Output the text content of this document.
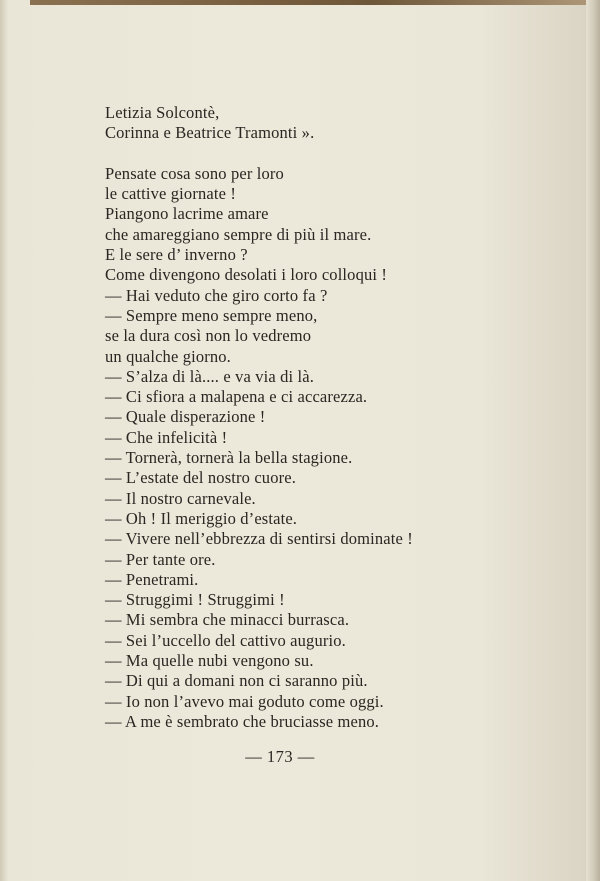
Letizia Solcontè,
Corinna e Beatrice Tramonti ».
Pensate cosa sono per loro
le cattive giornate !
Piangono lacrime amare
che amareggiano sempre di più il mare.
E le sere d’ inverno ?
Come divengono desolati i loro colloqui !
— Hai veduto che giro corto fa ?
— Sempre meno sempre meno,
se la dura così non lo vedremo
un qualche giorno.
— S’alza di là.... e va via di là.
— Ci sfiora a malapena e ci accarezza.
— Quale disperazione !
— Che infelicità !
— Tornerà, tornerà la bella stagione.
— L’estate del nostro cuore.
— Il nostro carnevale.
— Oh ! Il meriggio d’estate.
— Vivere nell’ebbrezza di sentirsi dominate !
— Per tante ore.
— Penetrami.
— Struggimi ! Struggimi !
— Mi sembra che minacci burrasca.
— Sei l’uccello del cattivo augurio.
— Ma quelle nubi vengono su.
— Di qui a domani non ci saranno più.
— Io non l’avevo mai goduto come oggi.
— A me è sembrato che bruciasse meno.
— 173 —
